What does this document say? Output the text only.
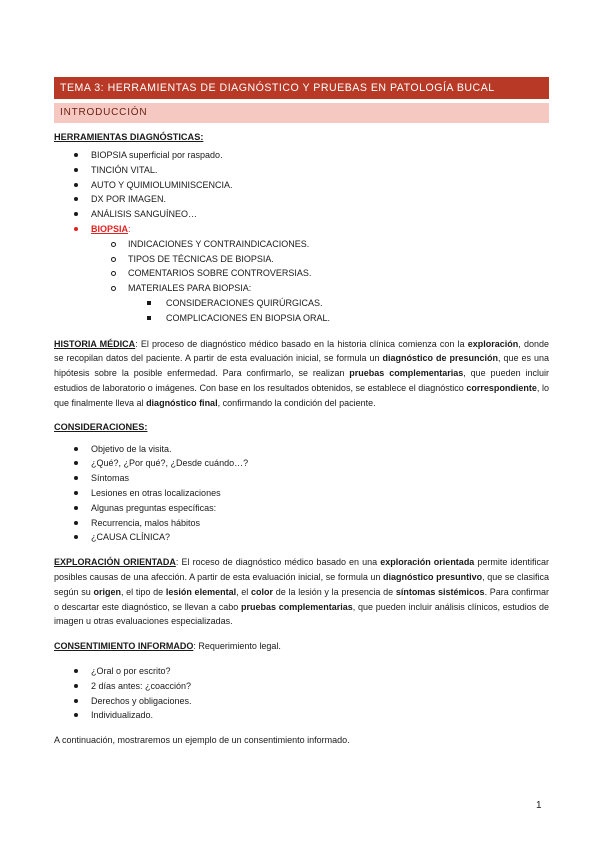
TEMA 3: HERRAMIENTAS DE DIAGNÓSTICO Y PRUEBAS EN PATOLOGÍA BUCAL
INTRODUCCIÓN
HERRAMIENTAS DIAGNÓSTICAS:
BIOPSIA superficial por raspado.
TINCIÓN VITAL.
AUTO Y QUIMIOLUMINISCENCIA.
DX POR IMAGEN.
ANÁLISIS SANGUÍNEO…
BIOPSIA:
INDICACIONES Y CONTRAINDICACIONES.
TIPOS DE TÉCNICAS DE BIOPSIA.
COMENTARIOS SOBRE CONTROVERSIAS.
MATERIALES PARA BIOPSIA:
CONSIDERACIONES QUIRÚRGICAS.
COMPLICACIONES EN BIOPSIA ORAL.
HISTORIA MÉDICA: El proceso de diagnóstico médico basado en la historia clínica comienza con la exploración, donde se recopilan datos del paciente. A partir de esta evaluación inicial, se formula un diagnóstico de presunción, que es una hipótesis sobre la posible enfermedad. Para confirmarlo, se realizan pruebas complementarias, que pueden incluir estudios de laboratorio o imágenes. Con base en los resultados obtenidos, se establece el diagnóstico correspondiente, lo que finalmente lleva al diagnóstico final, confirmando la condición del paciente.
CONSIDERACIONES:
Objetivo de la visita.
¿Qué?, ¿Por qué?, ¿Desde cuándo…?
Síntomas
Lesiones en otras localizaciones
Algunas preguntas específicas:
Recurrencia, malos hábitos
¿CAUSA CLÍNICA?
EXPLORACIÓN ORIENTADA: El roceso de diagnóstico médico basado en una exploración orientada permite identificar posibles causas de una afección. A partir de esta evaluación inicial, se formula un diagnóstico presuntivo, que se clasifica según su origen, el tipo de lesión elemental, el color de la lesión y la presencia de síntomas sistémicos. Para confirmar o descartar este diagnóstico, se llevan a cabo pruebas complementarias, que pueden incluir análisis clínicos, estudios de imagen u otras evaluaciones especializadas.
CONSENTIMIENTO INFORMADO: Requerimiento legal.
¿Oral o por escrito?
2 días antes: ¿coacción?
Derechos y obligaciones.
Individualizado.
A continuación, mostraremos un ejemplo de un consentimiento informado.
1
